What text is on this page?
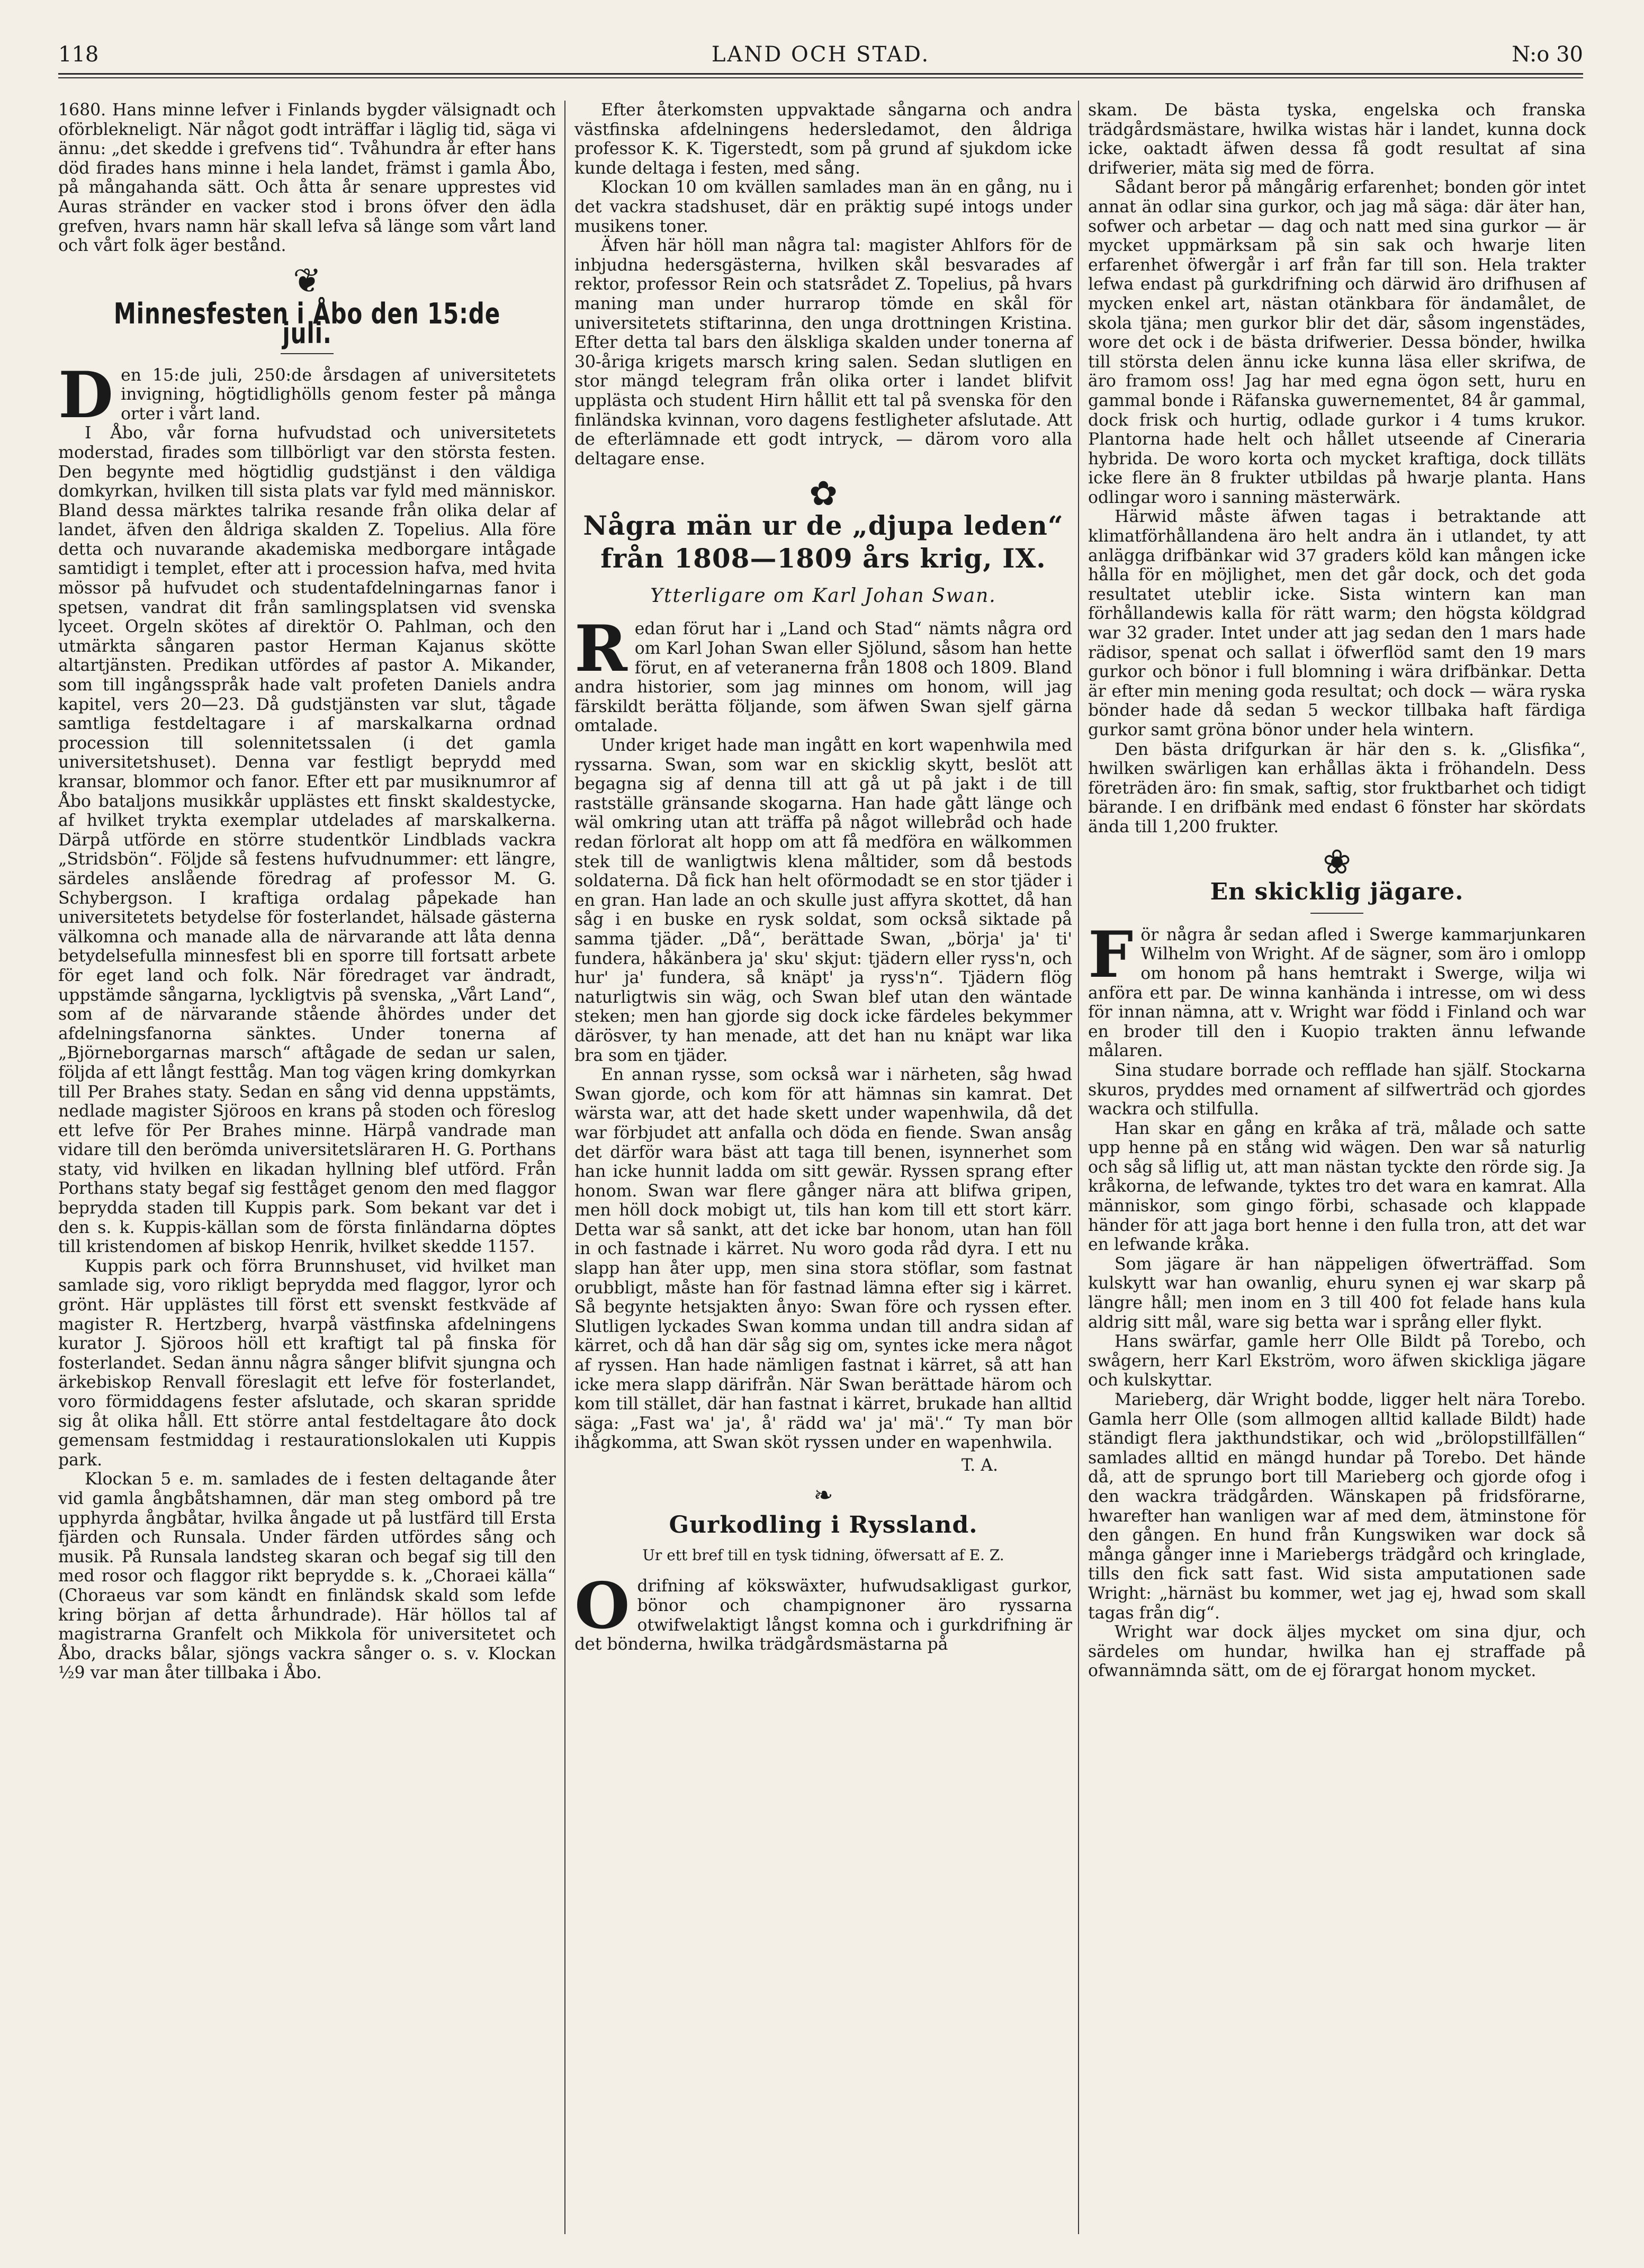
118	LAND OCH STAD.	N:o 30

1680. Hans minne lefver i Finlands bygder välsignadt och oförblekneligt. När något godt inträffar i läglig tid, säga vi ännu: „det skedde i grefvens tid“. Tvåhundra år efter hans död firades hans minne i hela landet, främst i gamla Åbo, på mångahanda sätt. Och åtta år senare upprestes vid Auras stränder en vacker stod i brons öfver den ädla grefven, hvars namn här skall lefva så länge som vårt land och vårt folk äger bestånd.

❦
Minnesfesten i Åbo den 15:de juli.

Den 15:de juli, 250:de årsdagen af universitetets invigning, högtidlighölls genom fester på många orter i vårt land.

I Åbo, vår forna hufvudstad och universitetets moderstad, firades som tillbörligt var den största festen. Den begynte med högtidlig gudstjänst i den väldiga domkyrkan, hvilken till sista plats var fyld med människor. Bland dessa märktes talrika resande från olika delar af landet, äfven den åldriga skalden Z. Topelius. Alla före detta och nuvarande akademiska medborgare intågade samtidigt i templet, efter att i procession hafva, med hvita mössor på hufvudet och studentafdelningarnas fanor i spetsen, vandrat dit från samlingsplatsen vid svenska lyceet. Orgeln skötes af direktör O. Pahlman, och den utmärkta sångaren pastor Herman Kajanus skötte altartjänsten. Predikan utfördes af pastor A. Mikander, som till ingångsspråk hade valt profeten Daniels andra kapitel, vers 20—23. Då gudstjänsten var slut, tågade samtliga festdeltagare i af marskalkarna ordnad procession till solennitetssalen (i det gamla universitetshuset). Denna var festligt beprydd med kransar, blommor och fanor. Efter ett par musiknumror af Åbo bataljons musikkår upplästes ett finskt skaldestycke, af hvilket trykta exemplar utdelades af marskalkerna. Därpå utförde en större studentkör Lindblads vackra „Stridsbön“. Följde så festens hufvudnummer: ett längre, särdeles anslående föredrag af professor M. G. Schybergson. I kraftiga ordalag påpekade han universitetets betydelse för fosterlandet, hälsade gästerna välkomna och manade alla de närvarande att låta denna betydelsefulla minnesfest bli en sporre till fortsatt arbete för eget land och folk. När föredraget var ändradt, uppstämde sångarna, lyckligtvis på svenska, „Vårt Land“, som af de närvarande stående åhördes under det afdelningsfanorna sänktes. Under tonerna af „Björneborgarnas marsch“ aftågade de sedan ur salen, följda af ett långt festtåg. Man tog vägen kring domkyrkan till Per Brahes staty. Sedan en sång vid denna uppstämts, nedlade magister Sjöroos en krans på stoden och föreslog ett lefve för Per Brahes minne. Härpå vandrade man vidare till den berömda universitetsläraren H. G. Porthans staty, vid hvilken en likadan hyllning blef utförd. Från Porthans staty begaf sig festtåget genom den med flaggor beprydda staden till Kuppis park. Som bekant var det i den s. k. Kuppis-källan som de första finländarna döptes till kristendomen af biskop Henrik, hvilket skedde 1157.

Kuppis park och förra Brunnshuset, vid hvilket man samlade sig, voro rikligt beprydda med flaggor, lyror och grönt. Här upplästes till först ett svenskt festkväde af magister R. Hertzberg, hvarpå västfinska afdelningens kurator J. Sjöroos höll ett kraftigt tal på finska för fosterlandet. Sedan ännu några sånger blifvit sjungna och ärkebiskop Renvall föreslagit ett lefve för fosterlandet, voro förmiddagens fester afslutade, och skaran spridde sig åt olika håll. Ett större antal festdeltagare åto dock gemensam festmiddag i restaurationslokalen uti Kuppis park.

Klockan 5 e. m. samlades de i festen deltagande åter vid gamla ångbåtshamnen, där man steg ombord på tre upphyrda ångbåtar, hvilka ångade ut på lustfärd till Ersta fjärden och Runsala. Under färden utfördes sång och musik. På Runsala landsteg skaran och begaf sig till den med rosor och flaggor rikt beprydde s. k. „Choraei källa“ (Choraeus var som kändt en finländsk skald som lefde kring början af detta århundrade). Här höllos tal af magistrarna Granfelt och Mikkola för universitetet och Åbo, dracks bålar, sjöngs vackra sånger o. s. v. Klockan ½9 var man åter tillbaka i Åbo.

Efter återkomsten uppvaktade sångarna och andra västfinska afdelningens hedersledamot, den åldriga professor K. K. Tigerstedt, som på grund af sjukdom icke kunde deltaga i festen, med sång.

Klockan 10 om kvällen samlades man än en gång, nu i det vackra stadshuset, där en präktig supé intogs under musikens toner.

Äfven här höll man några tal: magister Ahlfors för de inbjudna hedersgästerna, hvilken skål besvarades af rektor, professor Rein och statsrådet Z. Topelius, på hvars maning man under hurrarop tömde en skål för universitetets stiftarinna, den unga drottningen Kristina. Efter detta tal bars den älskliga skalden under tonerna af 30-åriga krigets marsch kring salen. Sedan slutligen en stor mängd telegram från olika orter i landet blifvit upplästa och student Hirn hållit ett tal på svenska för den finländska kvinnan, voro dagens festligheter afslutade. Att de efterlämnade ett godt intryck, — därom voro alla deltagare ense.

✿
Några män ur de „djupa leden“ från 1808—1809 års krig, IX.
Ytterligare om Karl Johan Swan.

Redan förut har i „Land och Stad“ nämts några ord om Karl Johan Swan eller Sjölund, såsom han hette förut, en af veteranerna från 1808 och 1809. Bland andra historier, som jag minnes om honom, will jag färskildt berätta följande, som äfwen Swan sjelf gärna omtalade.

Under kriget hade man ingått en kort wapenhwila med ryssarna. Swan, som war en skicklig skytt, beslöt att begagna sig af denna till att gå ut på jakt i de till rastställe gränsande skogarna. Han hade gått länge och wäl omkring utan att träffa på något willebråd och hade redan förlorat alt hopp om att få medföra en wälkommen stek till de wanligtwis klena måltider, som då bestods soldaterna. Då fick han helt oförmodadt se en stor tjäder i en gran. Han lade an och skulle just affyra skottet, då han såg i en buske en rysk soldat, som också siktade på samma tjäder. „Då“, berättade Swan, „börja' ja' ti' fundera, håkänbera ja' sku' skjut: tjädern eller ryss'n, och hur' ja' fundera, så knäpt' ja ryss'n“. Tjädern flög naturligtwis sin wäg, och Swan blef utan den wäntade steken; men han gjorde sig dock icke färdeles bekymmer därösver, ty han menade, att det han nu knäpt war lika bra som en tjäder.

En annan rysse, som också war i närheten, såg hwad Swan gjorde, och kom för att hämnas sin kamrat. Det wärsta war, att det hade skett under wapenhwila, då det war förbjudet att anfalla och döda en fiende. Swan ansåg det därför wara bäst att taga till benen, isynnerhet som han icke hunnit ladda om sitt gewär. Ryssen sprang efter honom. Swan war flere gånger nära att blifwa gripen, men höll dock mobigt ut, tils han kom till ett stort kärr. Detta war så sankt, att det icke bar honom, utan han föll in och fastnade i kärret. Nu woro goda råd dyra. I ett nu slapp han åter upp, men sina stora stöflar, som fastnat orubbligt, måste han för fastnad lämna efter sig i kärret. Så begynte hetsjakten ånyo: Swan före och ryssen efter. Slutligen lyckades Swan komma undan till andra sidan af kärret, och då han där såg sig om, syntes icke mera något af ryssen. Han hade nämligen fastnat i kärret, så att han icke mera slapp därifrån. När Swan berättade härom och kom till stället, där han fastnat i kärret, brukade han alltid säga: „Fast wa' ja', å' rädd wa' ja' mä'.“ Ty man bör ihågkomma, att Swan sköt ryssen under en wapenhwila.

T. A.
❧
Gurkodling i Ryssland.
Ur ett bref till en tysk tidning, öfwersatt af E. Z.

Odrifning af kökswäxter, hufwudsakligast gurkor, bönor och champignoner äro ryssarna otwifwelaktigt långst komna och i gurkdrifning är det bönderna, hwilka trädgårdsmästarna på

skam. De bästa tyska, engelska och franska trädgårdsmästare, hwilka wistas här i landet, kunna dock icke, oaktadt äfwen dessa få godt resultat af sina drifwerier, mäta sig med de förra.

Sådant beror på mångårig erfarenhet; bonden gör intet annat än odlar sina gurkor, och jag må säga: där äter han, sofwer och arbetar — dag och natt med sina gurkor — är mycket uppmärksam på sin sak och hwarje liten erfarenhet öfwergår i arf från far till son. Hela trakter lefwa endast på gurkdrifning och därwid äro drifhusen af mycken enkel art, nästan otänkbara för ändamålet, de skola tjäna; men gurkor blir det där, såsom ingenstädes, wore det ock i de bästa drifwerier. Dessa bönder, hwilka till största delen ännu icke kunna läsa eller skrifwa, de äro framom oss! Jag har med egna ögon sett, huru en gammal bonde i Räfanska guwernementet, 84 år gammal, dock frisk och hurtig, odlade gurkor i 4 tums krukor. Plantorna hade helt och hållet utseende af Cineraria hybrida. De woro korta och mycket kraftiga, dock tilläts icke flere än 8 frukter utbildas på hwarje planta. Hans odlingar woro i sanning mästerwärk.

Härwid måste äfwen tagas i betraktande att klimatförhållandena äro helt andra än i utlandet, ty att anlägga drifbänkar wid 37 graders köld kan mången icke hålla för en möjlighet, men det går dock, och det goda resultatet uteblir icke. Sista wintern kan man förhållandewis kalla för rätt warm; den högsta köldgrad war 32 grader. Intet under att jag sedan den 1 mars hade rädisor, spenat och sallat i öfwerflöd samt den 19 mars gurkor och bönor i full blomning i wära drifbänkar. Detta är efter min mening goda resultat; och dock — wära ryska bönder hade då sedan 5 weckor tillbaka haft färdiga gurkor samt gröna bönor under hela wintern.

Den bästa drifgurkan är här den s. k. „Glisfika“, hwilken swärligen kan erhållas äkta i fröhandeln. Dess företräden äro: fin smak, saftig, stor fruktbarhet och tidigt bärande. I en drifbänk med endast 6 fönster har skördats ända till 1,200 frukter.

❀
En skicklig jägare.

För några år sedan afled i Swerge kammarjunkaren Wilhelm von Wright. Af de sägner, som äro i omlopp om honom på hans hemtrakt i Swerge, wilja wi anföra ett par. De winna kanhända i intresse, om wi dess för innan nämna, att v. Wright war född i Finland och war en broder till den i Kuopio trakten ännu lefwande målaren.

Sina studare borrade och refflade han själf. Stockarna skuros, pryddes med ornament af silfwerträd och gjordes wackra och stilfulla.

Han skar en gång en kråka af trä, målade och satte upp henne på en stång wid wägen. Den war så naturlig och såg så liflig ut, att man nästan tyckte den rörde sig. Ja kråkorna, de lefwande, tyktes tro det wara en kamrat. Alla människor, som gingo förbi, schasade och klappade händer för att jaga bort henne i den fulla tron, att det war en lefwande kråka.

Som jägare är han näppeligen öfwerträffad. Som kulskytt war han owanlig, ehuru synen ej war skarp på längre håll; men inom en 3 till 400 fot felade hans kula aldrig sitt mål, ware sig betta war i språng eller flykt.

Hans swärfar, gamle herr Olle Bildt på Torebo, och swågern, herr Karl Ekström, woro äfwen skickliga jägare och kulskyttar.

Marieberg, där Wright bodde, ligger helt nära Torebo. Gamla herr Olle (som allmogen alltid kallade Bildt) hade ständigt flera jakthundstikar, och wid „brölopstillfällen“ samlades alltid en mängd hundar på Torebo. Det hände då, att de sprungo bort till Marieberg och gjorde ofog i den wackra trädgården. Wänskapen på fridsförarne, hwarefter han wanligen war af med dem, ätminstone för den gången. En hund från Kungswiken war dock så många gånger inne i Mariebergs trädgård och kringlade, tills den fick satt fast. Wid sista amputationen sade Wright: „härnäst bu kommer, wet jag ej, hwad som skall tagas från dig“.

Wright war dock äljes mycket om sina djur, och särdeles om hundar, hwilka han ej straffade på ofwannämnda sätt, om de ej förargat honom mycket.
